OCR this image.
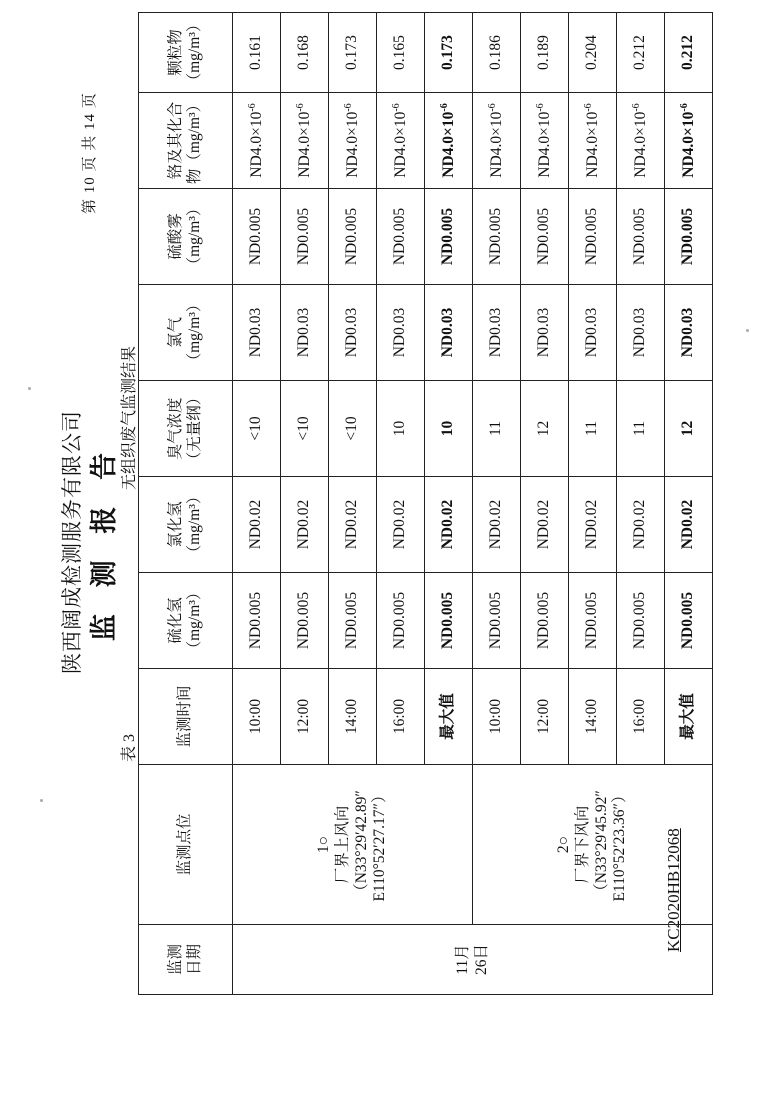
KC2020HB12068
第 10 页 共 14 页
陕西阔成检测服务有限公司 监 测 报 告
表 3
无组织废气监测结果
监测日期	监测点位	监测时间	硫化氢（mg/m³）	氯化氢（mg/m³）	臭气浓度（无量纲）	氯气（mg/m³）	硫酸雾（mg/m³）	铬及其化合物（mg/m³）	颗粒物（mg/m³）
11月26日	1○ 厂界上风向 （N33°29′42.89″ E110°52′27.17″）	10:00	ND0.005	ND0.02	<10	ND0.03	ND0.005	$ND4.0\times 10^{-6}$	0.161
		12:00	ND0.005	ND0.02	<10	ND0.03	ND0.005	$ND4.0\times 10^{-6}$	0.168
		14:00	ND0.005	ND0.02	<10	ND0.03	ND0.005	$ND4.0\times 10^{-6}$	0.173
		16:00	ND0.005	ND0.02	10	ND0.03	ND0.005	$ND4.0\times 10^{-6}$	0.165
		最大值	ND0.005	ND0.02	10	ND0.03	ND0.005	$ND4.0\times 10^{-6}$	0.173

	2○ 厂界下风向 （N33°29′45.92″ E110°52′23.36″）	10:00	ND0.005	ND0.02	11	ND0.03	ND0.005	$ND4.0\times 10^{-6}$	0.186
		12:00	ND0.005	ND0.02	12	ND0.03	ND0.005	$ND4.0\times 10^{-6}$	0.189
		14:00	ND0.005	ND0.02	11	ND0.03	ND0.005	$ND4.0\times 10^{-6}$	0.204
		16:00	ND0.005	ND0.02	11	ND0.03	ND0.005	$ND4.0\times 10^{-6}$	0.212
		最大值	ND0.005	ND0.02	12	ND0.03	ND0.005	$ND4.0\times 10^{-6}$	0.212
